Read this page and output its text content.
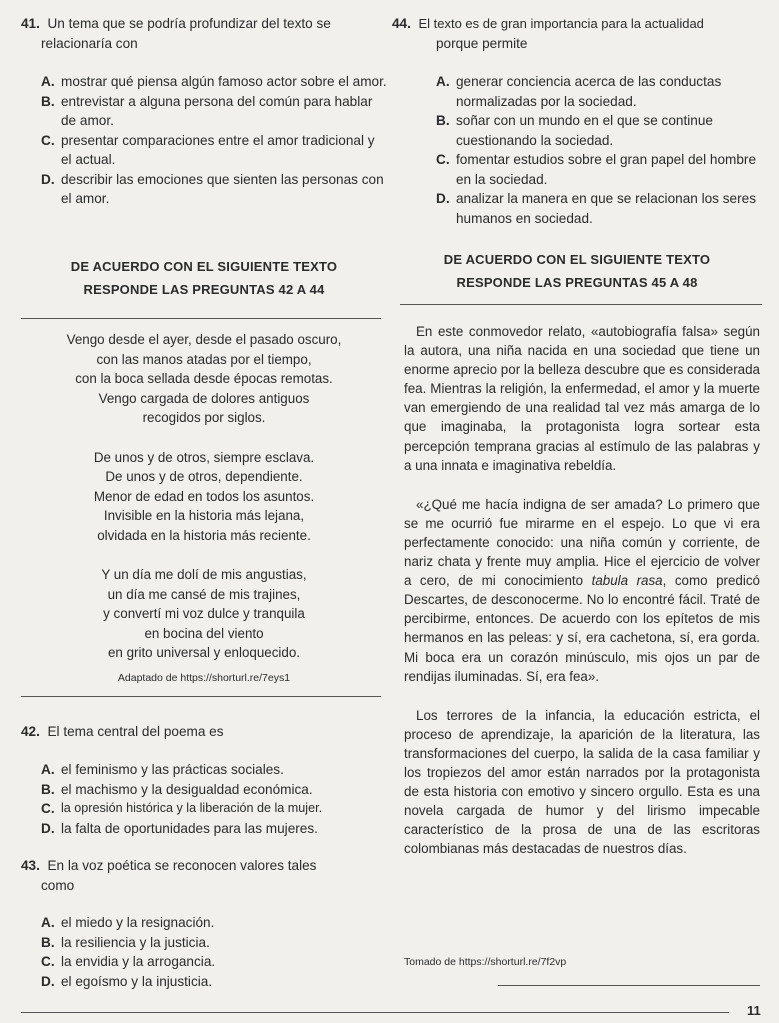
41. Un tema que se podría profundizar del texto se
relacionaría con
A. mostrar qué piensa algún famoso actor sobre el amor.
B. entrevistar a alguna persona del común para hablar de amor.
C. presentar comparaciones entre el amor tradicional y el actual.
D. describir las emociones que sienten las personas con el amor.
DE ACUERDO CON EL SIGUIENTE TEXTO
RESPONDE LAS PREGUNTAS 42 A 44
Vengo desde el ayer, desde el pasado oscuro,
con las manos atadas por el tiempo,
con la boca sellada desde épocas remotas.
Vengo cargada de dolores antiguos
recogidos por siglos.
De unos y de otros, siempre esclava.
De unos y de otros, dependiente.
Menor de edad en todos los asuntos.
Invisible en la historia más lejana,
olvidada en la historia más reciente.
Y un día me dolí de mis angustias,
un día me cansé de mis trajines,
y convertí mi voz dulce y tranquila
en bocina del viento
en grito universal y enloquecido.
Adaptado de https://shorturl.re/7eys1
42. El tema central del poema es
A. el feminismo y las prácticas sociales.
B. el machismo y la desigualdad económica.
C. la opresión histórica y la liberación de la mujer.
D. la falta de oportunidades para las mujeres.
43. En la voz poética se reconocen valores tales
como
A. el miedo y la resignación.
B. la resiliencia y la justicia.
C. la envidia y la arrogancia.
D. el egoísmo y la injusticia.
44. El texto es de gran importancia para la actualidad
porque permite
A. generar conciencia acerca de las conductas normalizadas por la sociedad.
B. soñar con un mundo en el que se continue cuestionando la sociedad.
C. fomentar estudios sobre el gran papel del hombre en la sociedad.
D. analizar la manera en que se relacionan los seres humanos en sociedad.
DE ACUERDO CON EL SIGUIENTE TEXTO
RESPONDE LAS PREGUNTAS 45 A 48

En este conmovedor relato, «autobiografía falsa» según la autora, una niña nacida en una sociedad que tiene un enorme aprecio por la belleza descubre que es considerada fea. Mientras la religión, la enfermedad, el amor y la muerte van emergiendo de una realidad tal vez más amarga de lo que imaginaba, la protagonista logra sortear esta percepción temprana gracias al estímulo de las palabras y a una innata e imaginativa rebeldía.

«¿Qué me hacía indigna de ser amada? Lo primero que se me ocurrió fue mirarme en el espejo. Lo que vi era perfectamente conocido: una niña común y corriente, de nariz chata y frente muy amplia. Hice el ejercicio de volver a cero, de mi conocimiento tabula rasa, como predicó Descartes, de desconocerme. No lo encontré fácil. Traté de percibirme, entonces. De acuerdo con los epítetos de mis hermanos en las peleas: y sí, era cachetona, sí, era gorda. Mi boca era un corazón minúsculo, mis ojos un par de rendijas iluminadas. Sí, era fea».

Los terrores de la infancia, la educación estricta, el proceso de aprendizaje, la aparición de la literatura, las transformaciones del cuerpo, la salida de la casa familiar y los tropiezos del amor están narrados por la protagonista de esta historia con emotivo y sincero orgullo. Esta es una novela cargada de humor y del lirismo impecable característico de la prosa de una de las escritoras colombianas más destacadas de nuestros días.

Tomado de https://shorturl.re/7f2vp
11
